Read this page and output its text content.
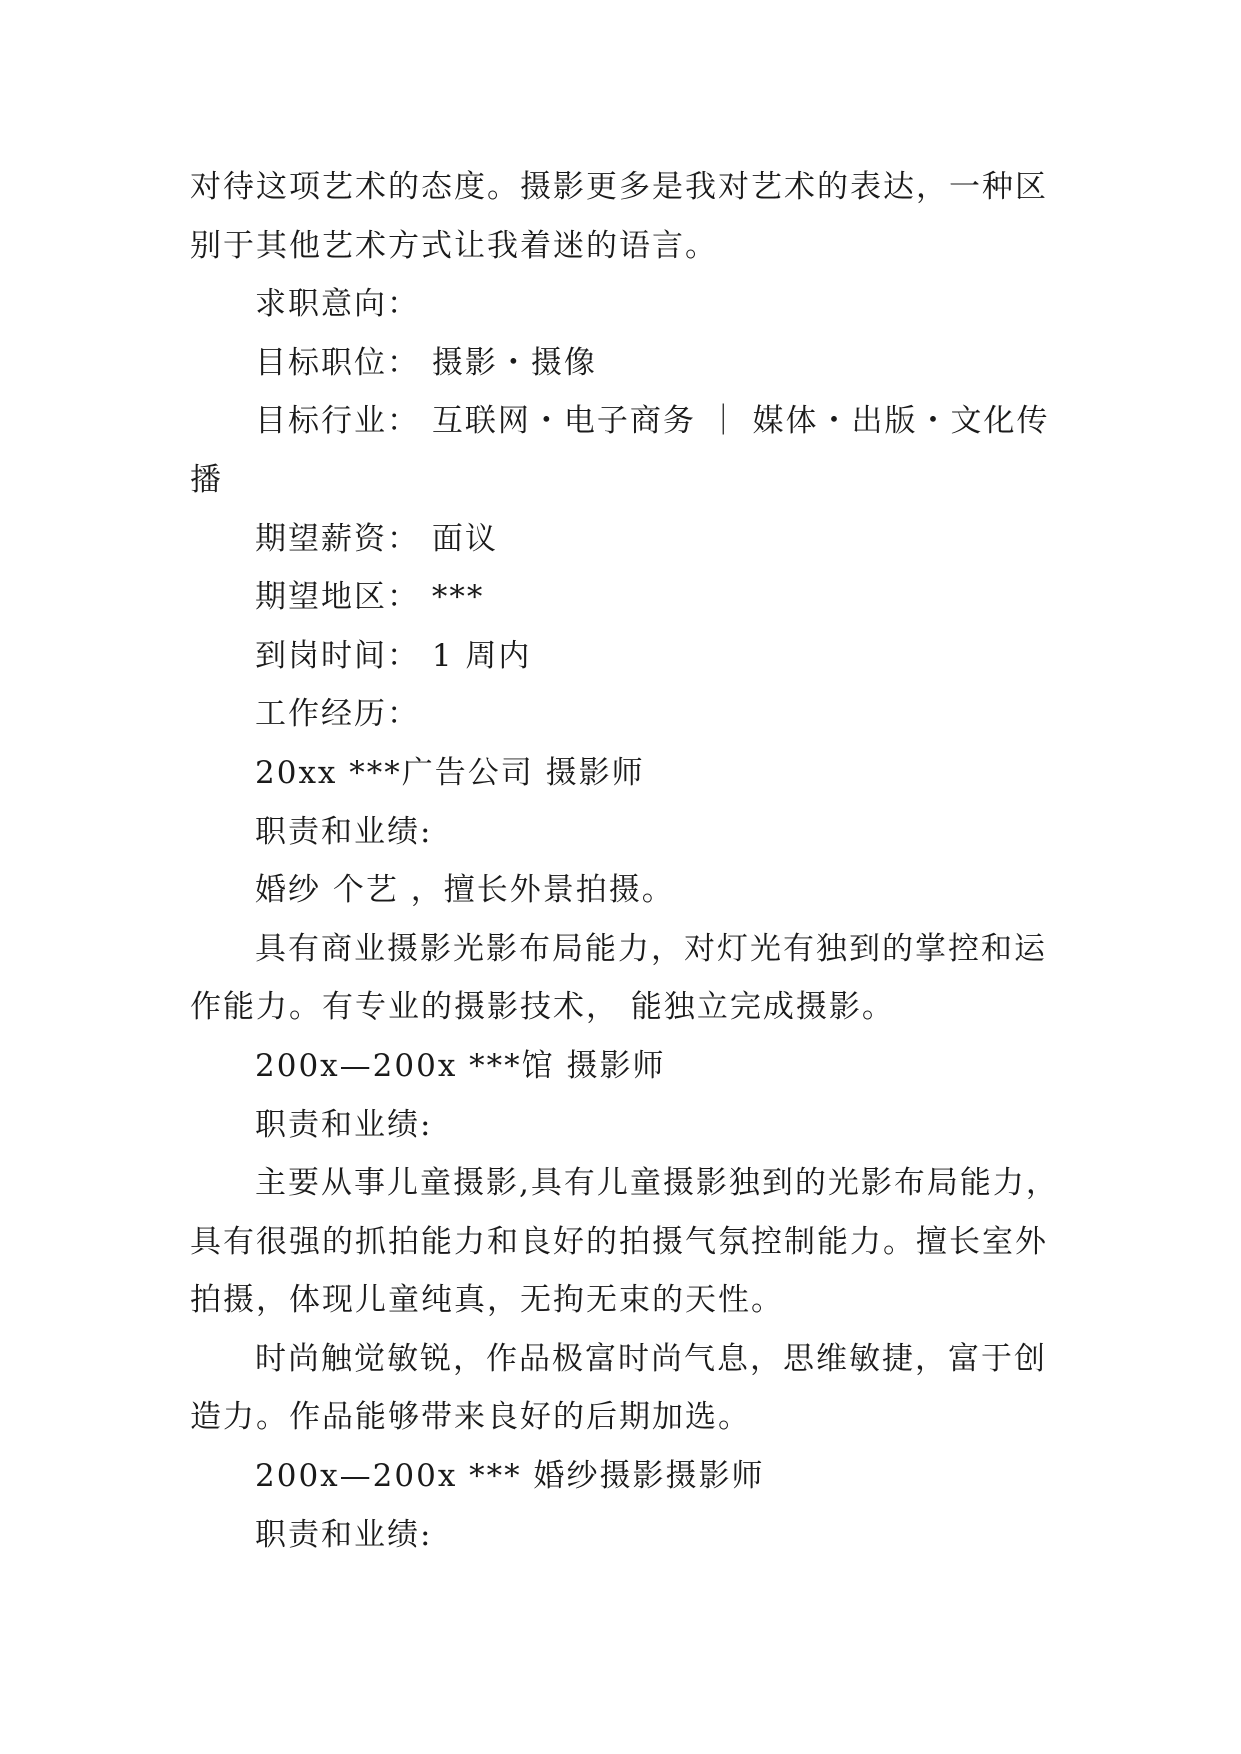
对待这项艺术的态度。摄影更多是我对艺术的表达，一种区
别于其他艺术方式让我着迷的语言。
求职意向：
目标职位： 摄影・摄像
目标行业： 互联网・电子商务 ｜ 媒体・出版・文化传
播
期望薪资： 面议
期望地区： ***
到岗时间： 1 周内
工作经历：
20xx ***广告公司 摄影师
职责和业绩:
婚纱 个艺 ，擅长外景拍摄。
具有商业摄影光影布局能力，对灯光有独到的掌控和运
作能力。有专业的摄影技术， 能独立完成摄影。
200x—200x ***馆 摄影师
职责和业绩:
主要从事儿童摄影,具有儿童摄影独到的光影布局能力，
具有很强的抓拍能力和良好的拍摄气氛控制能力。擅长室外
拍摄，体现儿童纯真，无拘无束的天性。
时尚触觉敏锐，作品极富时尚气息，思维敏捷，富于创
造力。作品能够带来良好的后期加选。
200x—200x *** 婚纱摄影摄影师
职责和业绩:
